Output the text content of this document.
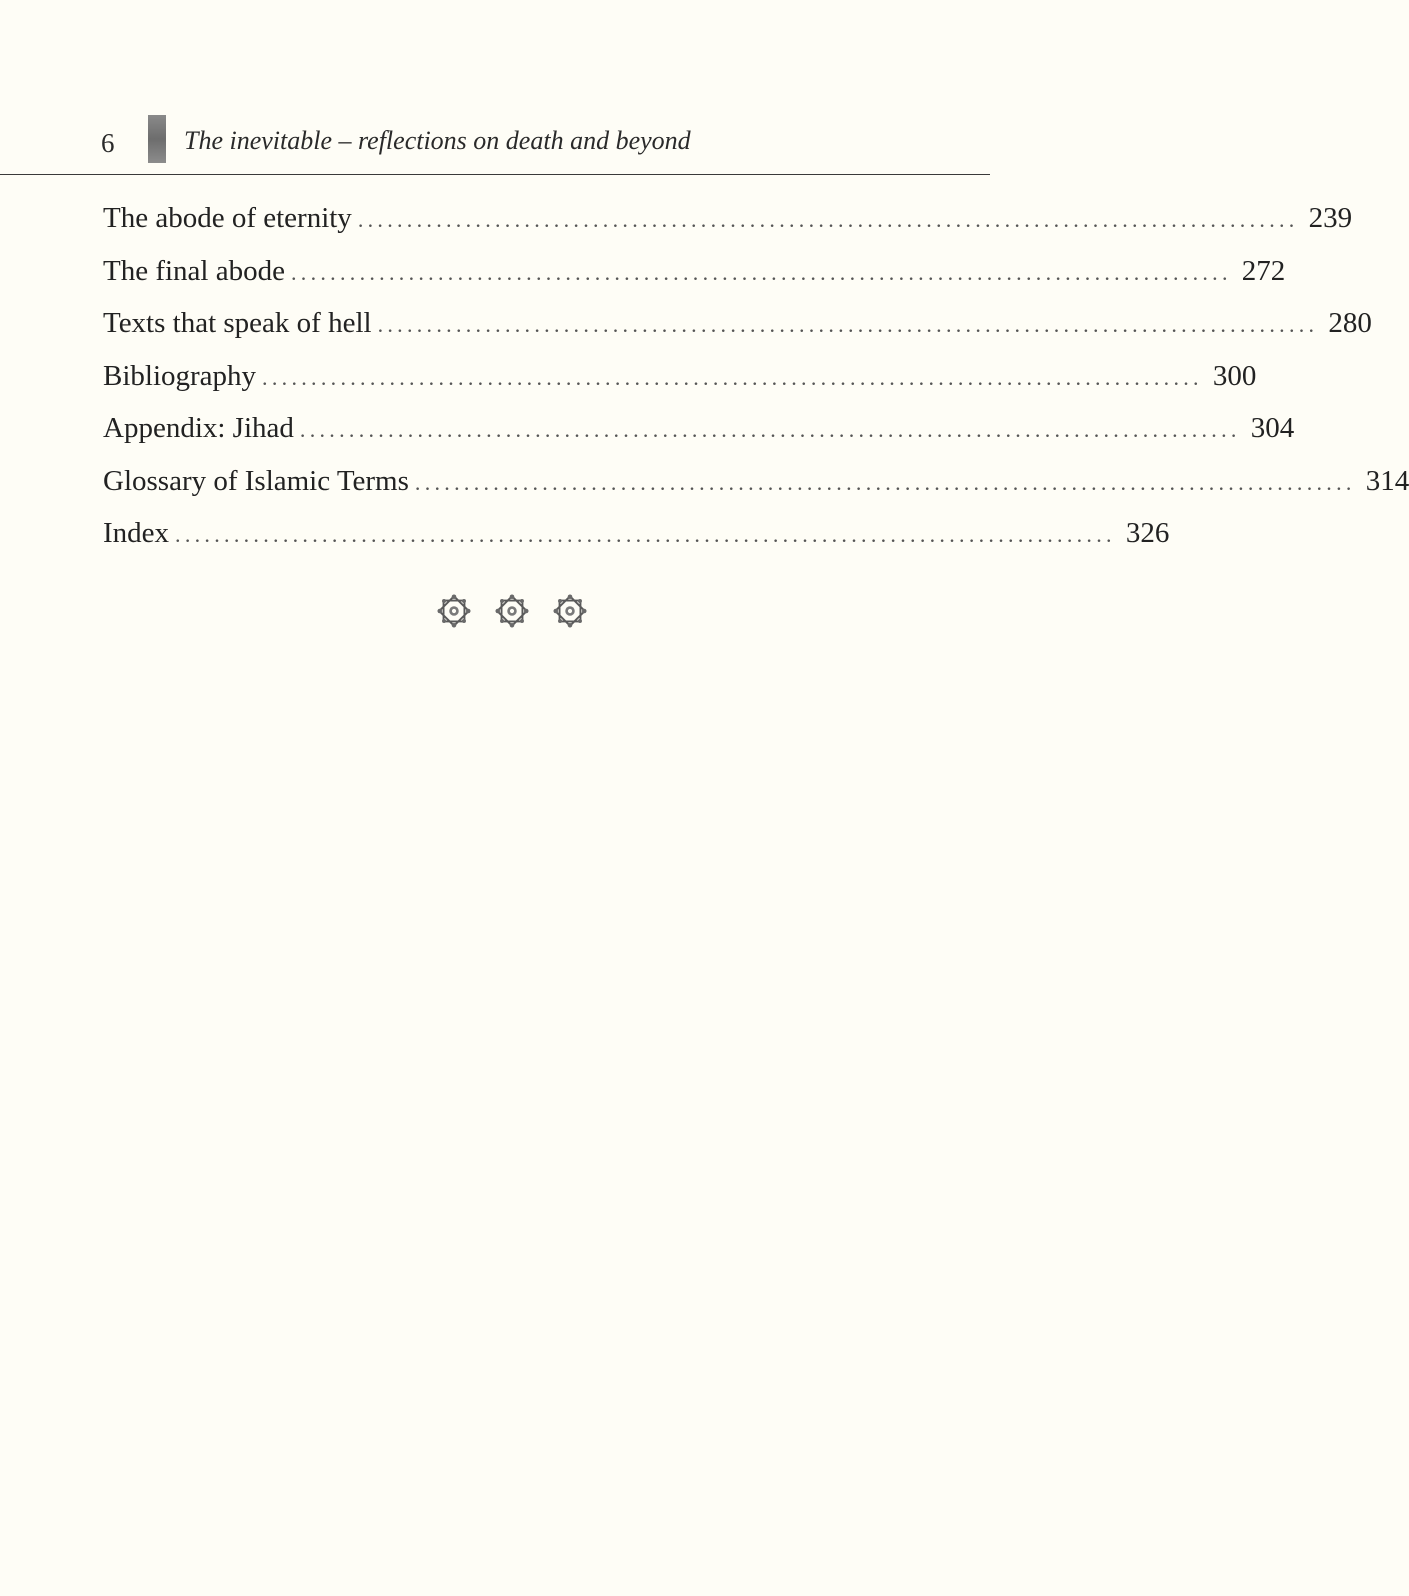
6	The inevitable – reflections on death and beyond
The abode of eternity ................................................................................................ 239
The final abode ................................................................................................ 272
Texts that speak of hell ................................................................................................ 280
Bibliography ................................................................................................ 300
Appendix: Jihad ................................................................................................ 304
Glossary of Islamic Terms ................................................................................................ 314
Index ................................................................................................ 326
